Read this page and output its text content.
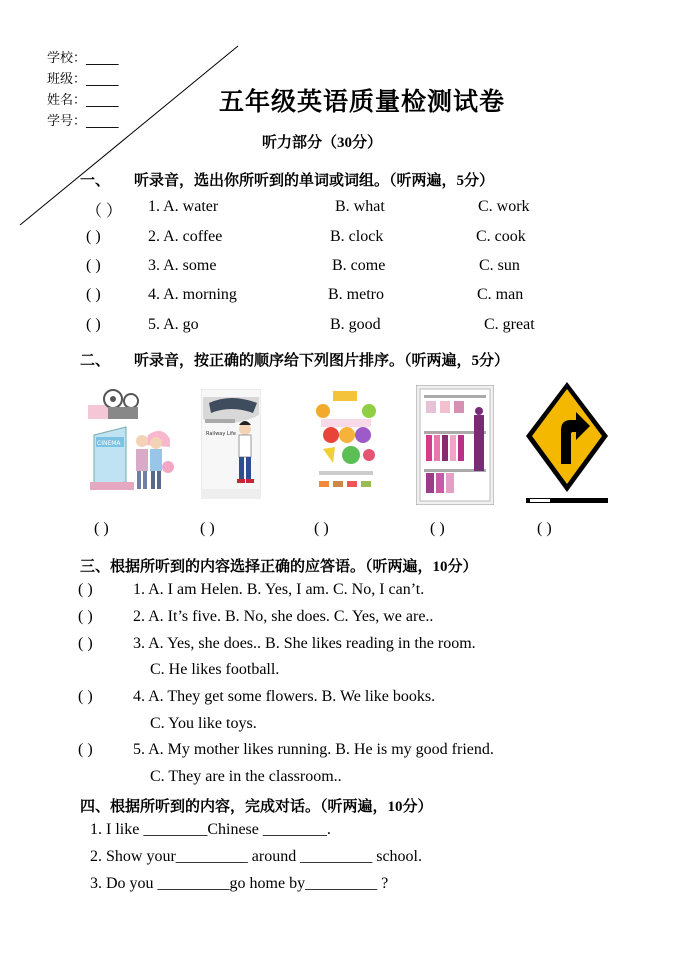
学校：_____
班级：_____
姓名：_____
学号：_____
五年级英语质量检测试卷
听力部分（30分）
一、 听录音，选出你所听到的单词或词组。（听两遍，5分）
（ ） 1. A. water	B. what	C. work
( )	2. A. coffee	B. clock	C. cook
( )	3. A. some	B. come	C. sun
( )	4. A. morning	B. metro	C. man
( )	5. A. go	B. good	C. great
二、 听录音，按正确的顺序给下列图片排序。（听两遍，5分）
CINEMA
Railway Life
( )	( )	( )	( )	( )
三、根据所听到的内容选择正确的应答语。（听两遍，10分）
( )	1. A. I am Helen. B. Yes, I am. C. No, I can’t.
( )	2. A. It’s five. B. No, she does. C. Yes, we are..
( )	3. A. Yes, she does.. B. She likes reading in the room.
C. He likes football.
( )	4. A. They get some flowers. B. We like books.
C. You like toys.
( )	5. A. My mother likes running. B. He is my good friend.
C. They are in the classroom..
四、根据所听到的内容，完成对话。（听两遍，10分）
1. I like ________Chinese ________.
2. Show your_________ around _________ school.
3. Do you _________go home by_________ ?
